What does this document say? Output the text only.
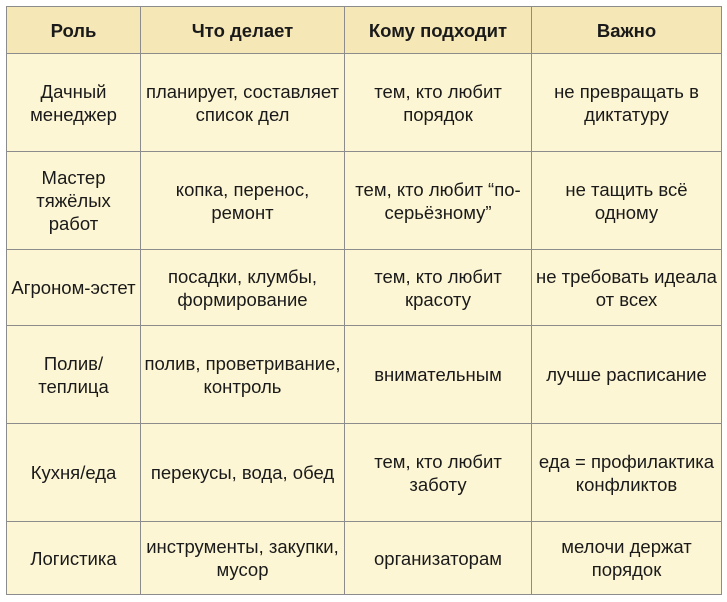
Роль	Что делает	Кому подходит	Важно
Дачный менеджер	планирует, составляет список дел	тем, кто любит порядок	не превращать в диктатуру
Мастер тяжёлых работ	копка, перенос, ремонт	тем, кто любит “по-серьёзному”	не тащить всё одному
Агроном-эстет	посадки, клумбы, формирование	тем, кто любит красоту	не требовать идеала от всех
Полив/ теплица	полив, проветривание, контроль	внимательным	лучше расписание
Кухня/еда	перекусы, вода, обед	тем, кто любит заботу	еда = профилактика конфликтов
Логистика	инструменты, закупки, мусор	организаторам	мелочи держат порядок
